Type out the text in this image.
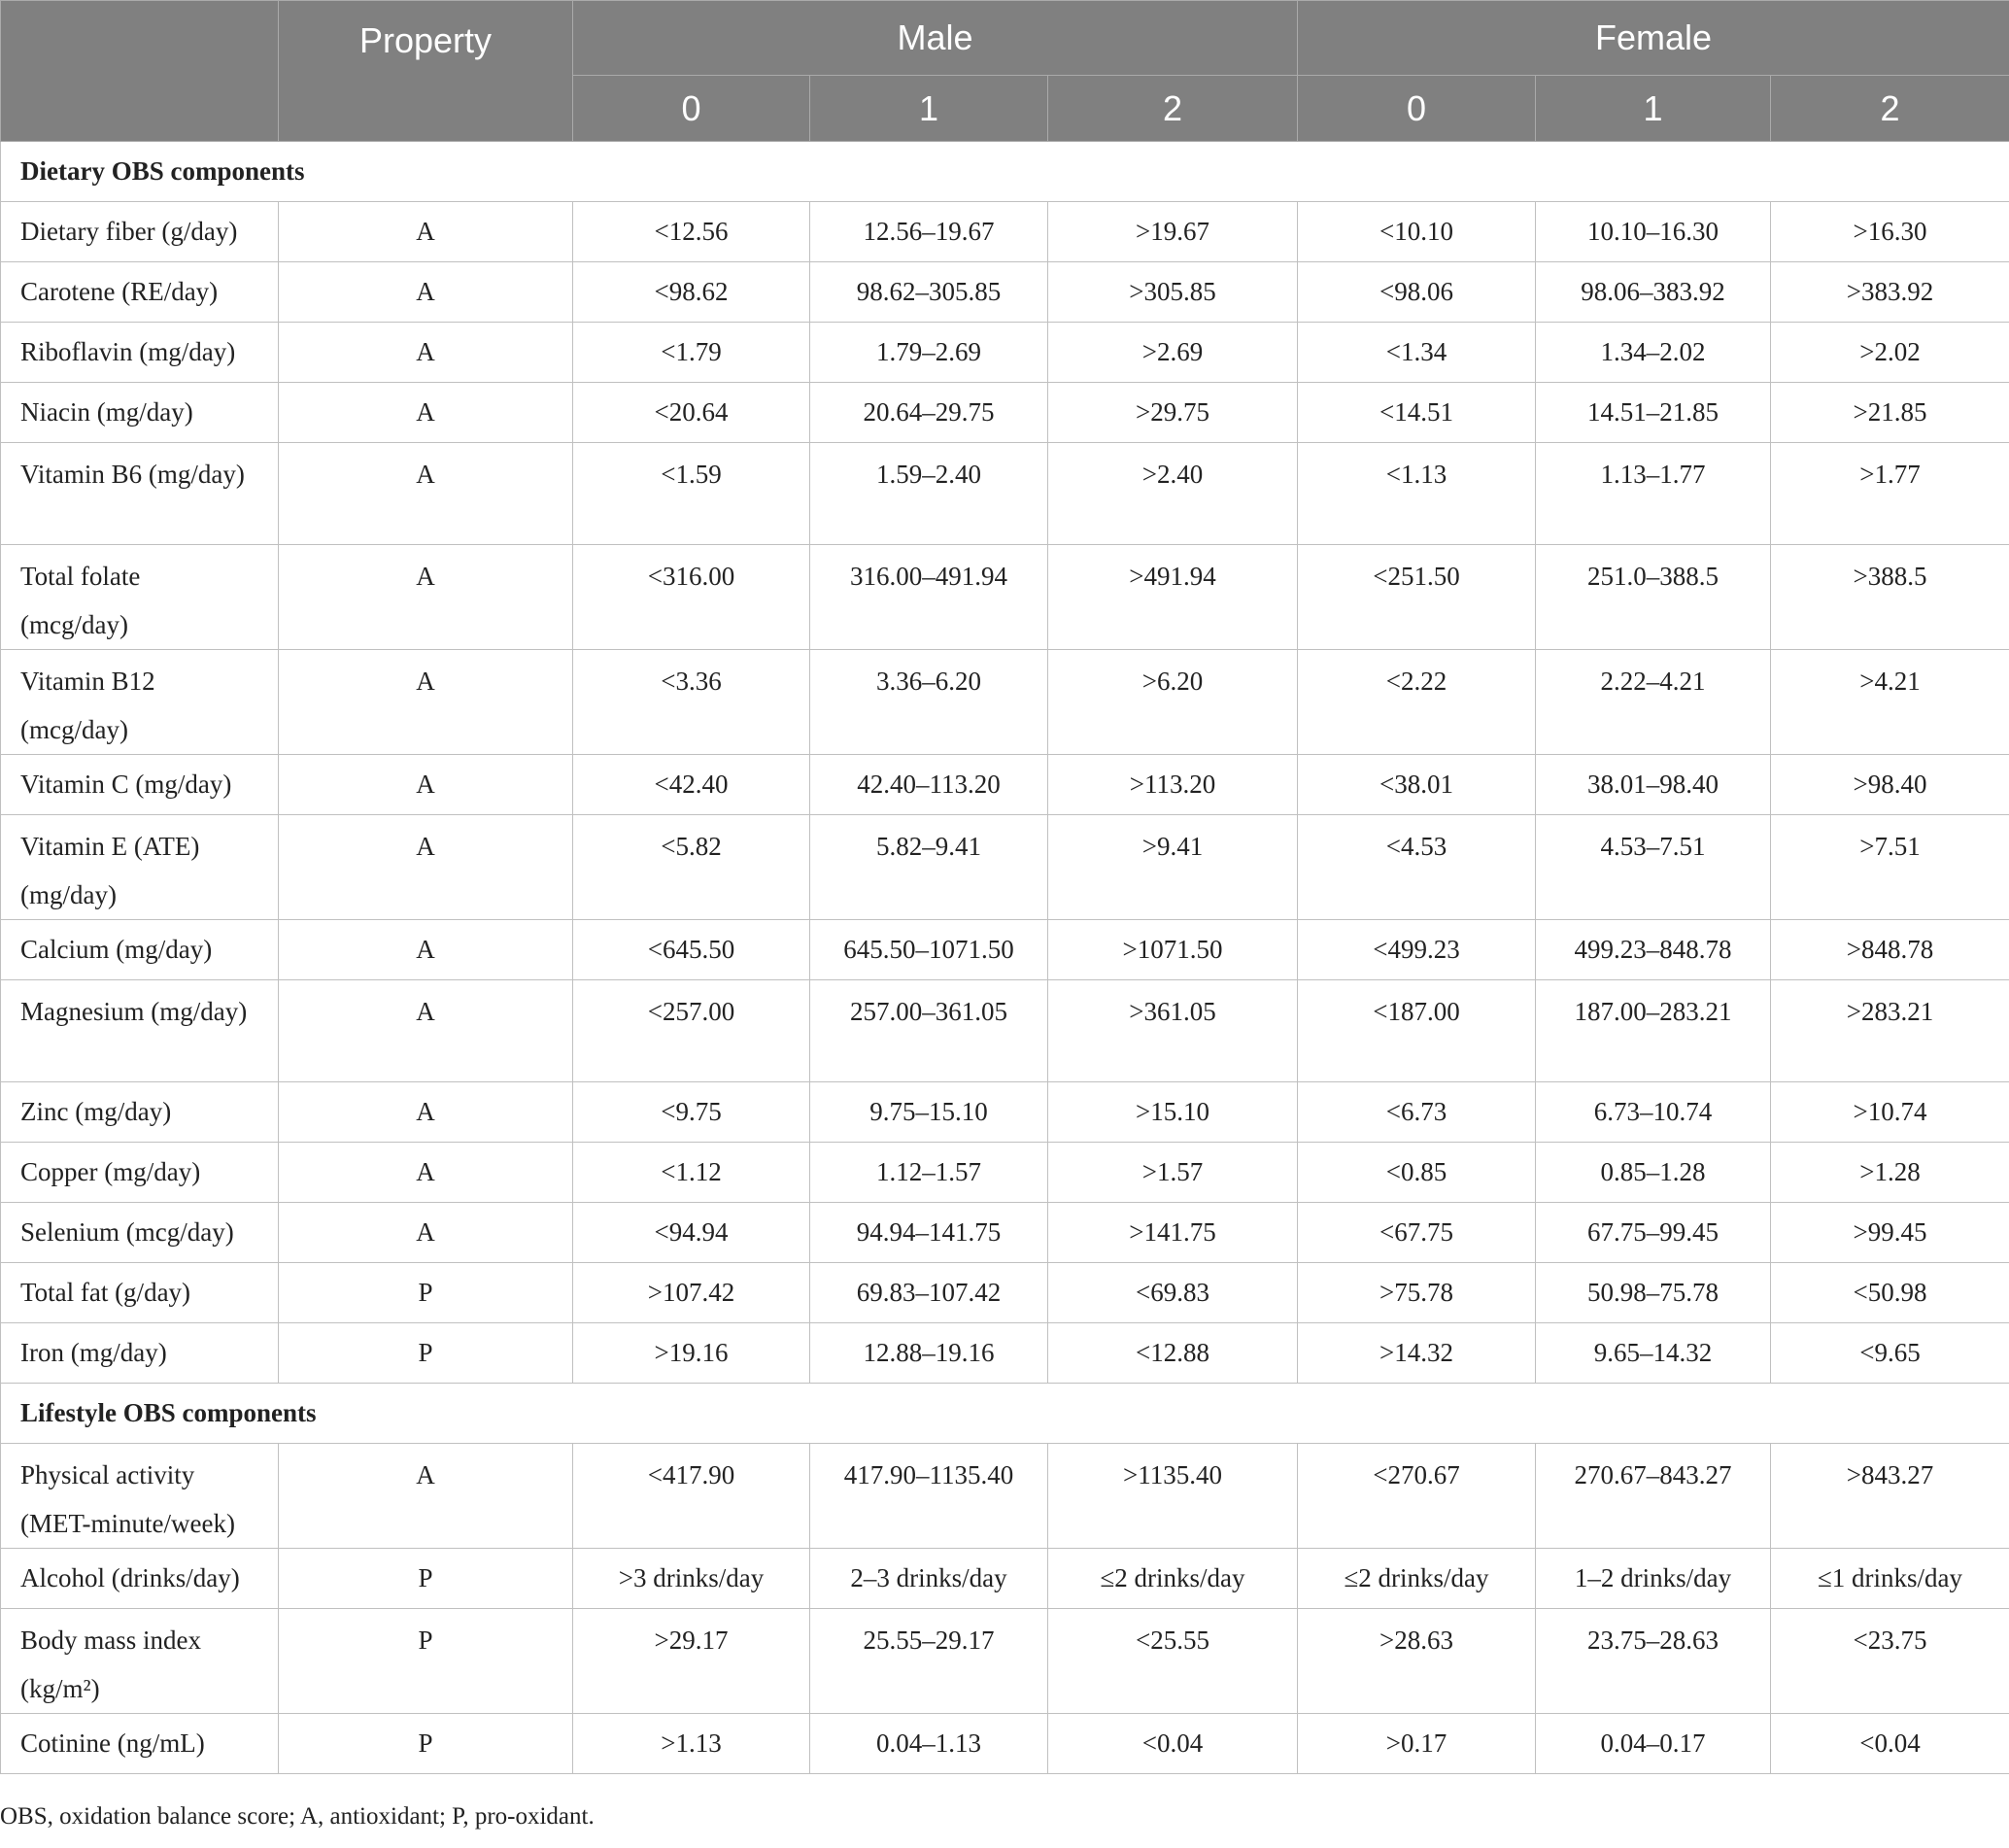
	Property	Male			Female		
		0	1	2	0	1	2
Dietary OBS components							
Dietary fiber (g/day)	A	<12.56	12.56–19.67	>19.67	<10.10	10.10–16.30	>16.30
Carotene (RE/day)	A	<98.62	98.62–305.85	>305.85	<98.06	98.06–383.92	>383.92
Riboflavin (mg/day)	A	<1.79	1.79–2.69	>2.69	<1.34	1.34–2.02	>2.02
Niacin (mg/day)	A	<20.64	20.64–29.75	>29.75	<14.51	14.51–21.85	>21.85
Vitamin B6 (mg/day)	A	<1.59	1.59–2.40	>2.40	<1.13	1.13–1.77	>1.77
Total folate (mcg/day)	A	<316.00	316.00–491.94	>491.94	<251.50	251.0–388.5	>388.5
Vitamin B12 (mcg/day)	A	<3.36	3.36–6.20	>6.20	<2.22	2.22–4.21	>4.21
Vitamin C (mg/day)	A	<42.40	42.40–113.20	>113.20	<38.01	38.01–98.40	>98.40
Vitamin E (ATE) (mg/day)	A	<5.82	5.82–9.41	>9.41	<4.53	4.53–7.51	>7.51
Calcium (mg/day)	A	<645.50	645.50–1071.50	>1071.50	<499.23	499.23–848.78	>848.78
Magnesium (mg/day)	A	<257.00	257.00–361.05	>361.05	<187.00	187.00–283.21	>283.21
Zinc (mg/day)	A	<9.75	9.75–15.10	>15.10	<6.73	6.73–10.74	>10.74
Copper (mg/day)	A	<1.12	1.12–1.57	>1.57	<0.85	0.85–1.28	>1.28
Selenium (mcg/day)	A	<94.94	94.94–141.75	>141.75	<67.75	67.75–99.45	>99.45
Total fat (g/day)	P	>107.42	69.83–107.42	<69.83	>75.78	50.98–75.78	<50.98
Iron (mg/day)	P	>19.16	12.88–19.16	<12.88	>14.32	9.65–14.32	<9.65
Lifestyle OBS components							
Physical activity (MET-minute/week)	A	<417.90	417.90–1135.40	>1135.40	<270.67	270.67–843.27	>843.27
Alcohol (drinks/day)	P	>3 drinks/day	2–3 drinks/day	≤2 drinks/day	≤2 drinks/day	1–2 drinks/day	≤1 drinks/day
Body mass index (kg/m²)	P	>29.17	25.55–29.17	<25.55	>28.63	23.75–28.63	<23.75
Cotinine (ng/mL)	P	>1.13	0.04–1.13	<0.04	>0.17	0.04–0.17	<0.04
OBS, oxidation balance score; A, antioxidant; P, pro-oxidant.
